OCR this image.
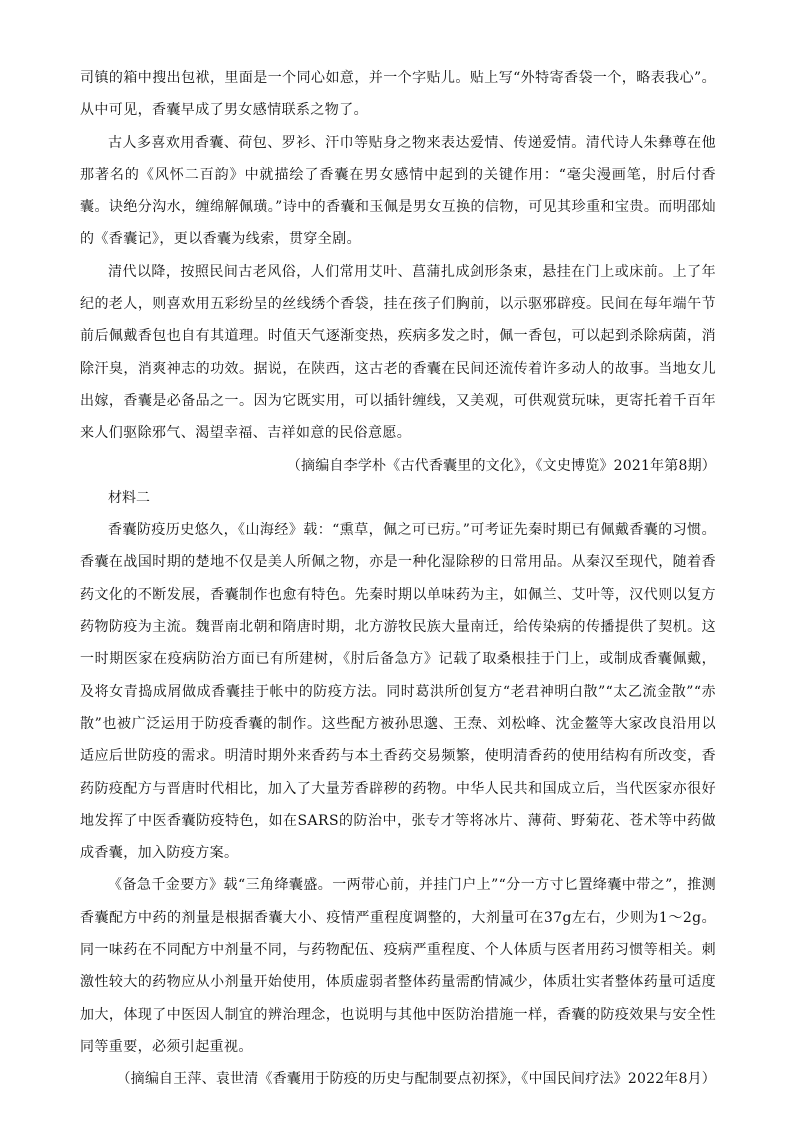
司镇的箱中搜出包袱，里面是一个同心如意，并一个字贴儿。贴上写“外特寄香袋一个，略表我心”。从中可见，香囊早成了男女感情联系之物了。

古人多喜欢用香囊、荷包、罗衫、汗巾等贴身之物来表达爱情、传递爱情。清代诗人朱彝尊在他那著名的《风怀二百韵》中就描绘了香囊在男女感情中起到的关键作用：“毫尖漫画笔，肘后付香囊。诀绝分沟水，缠绵解佩璜。”诗中的香囊和玉佩是男女互换的信物，可见其珍重和宝贵。而明邵灿的《香囊记》，更以香囊为线索，贯穿全剧。

清代以降，按照民间古老风俗，人们常用艾叶、菖蒲扎成剑形条束，悬挂在门上或床前。上了年纪的老人，则喜欢用五彩纷呈的丝线绣个香袋，挂在孩子们胸前，以示驱邪辟疫。民间在每年端午节前后佩戴香包也自有其道理。时值天气逐渐变热，疾病多发之时，佩一香包，可以起到杀除病菌，消除汗臭，消爽神志的功效。据说，在陕西，这古老的香囊在民间还流传着许多动人的故事。当地女儿出嫁，香囊是必备品之一。因为它既实用，可以插针缠线，又美观，可供观赏玩味，更寄托着千百年来人们驱除邪气、渴望幸福、吉祥如意的民俗意愿。

（摘编自李学朴《古代香囊里的文化》，《文史博览》2021年第8期）

材料二

香囊防疫历史悠久，《山海经》载：“熏草，佩之可已疠。”可考证先秦时期已有佩戴香囊的习惯。香囊在战国时期的楚地不仅是美人所佩之物，亦是一种化湿除秽的日常用品。从秦汉至现代，随着香药文化的不断发展，香囊制作也愈有特色。先秦时期以单味药为主，如佩兰、艾叶等，汉代则以复方药物防疫为主流。魏晋南北朝和隋唐时期，北方游牧民族大量南迁，给传染病的传播提供了契机。这一时期医家在疫病防治方面已有所建树，《肘后备急方》记载了取桑根挂于门上，或制成香囊佩戴，及将女青捣成屑做成香囊挂于帐中的防疫方法。同时葛洪所创复方“老君神明白散”“太乙流金散”“赤散”也被广泛运用于防疫香囊的制作。这些配方被孙思邈、王焘、刘松峰、沈金鳌等大家改良沿用以适应后世防疫的需求。明清时期外来香药与本土香药交易频繁，使明清香药的使用结构有所改变，香药防疫配方与晋唐时代相比，加入了大量芳香辟秽的药物。中华人民共和国成立后，当代医家亦很好地发挥了中医香囊防疫特色，如在SARS的防治中，张专才等将冰片、薄荷、野菊花、苍术等中药做成香囊，加入防疫方案。

《备急千金要方》载“三角绛囊盛。一两带心前，并挂门户上”“分一方寸匕置绛囊中带之”，推测香囊配方中药的剂量是根据香囊大小、疫情严重程度调整的，大剂量可在37g左右，少则为1～2g。同一味药在不同配方中剂量不同，与药物配伍、疫病严重程度、个人体质与医者用药习惯等相关。刺激性较大的药物应从小剂量开始使用，体质虚弱者整体药量需酌情减少，体质壮实者整体药量可适度加大，体现了中医因人制宜的辨治理念，也说明与其他中医防治措施一样，香囊的防疫效果与安全性同等重要，必须引起重视。

（摘编自王萍、袁世清《香囊用于防疫的历史与配制要点初探》，《中国民间疗法》2022年8月）
